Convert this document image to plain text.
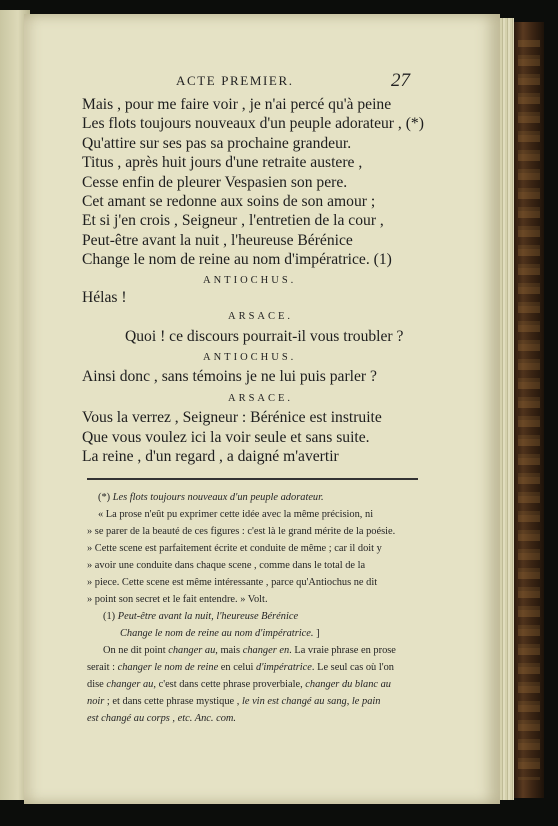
ACTE PREMIER.	27
Mais , pour me faire voir , je n'ai percé qu'à peine
Les flots toujours nouveaux d'un peuple adorateur , (*)
Qu'attire sur ses pas sa prochaine grandeur.
Titus , après huit jours d'une retraite austere ,
Cesse enfin de pleurer Vespasien son pere.
Cet amant se redonne aux soins de son amour ;
Et si j'en crois , Seigneur , l'entretien de la cour ,
Peut-être avant la nuit , l'heureuse Bérénice
Change le nom de reine au nom d'impératrice. (1)
ANTIOCHUS.
Hélas !
ARSACE.
Quoi ! ce discours pourrait-il vous troubler ?
ANTIOCHUS.
Ainsi donc , sans témoins je ne lui puis parler ?
ARSACE.
Vous la verrez , Seigneur : Bérénice est instruite
Que vous voulez ici la voir seule et sans suite.
La reine , d'un regard , a daigné m'avertir
(*) Les flots toujours nouveaux d'un peuple adorateur.
« La prose n'eût pu exprimer cette idée avec la même précision, ni
» se parer de la beauté de ces figures : c'est là le grand mérite de la poésie.
» Cette scene est parfaitement écrite et conduite de même ; car il doit y
» avoir une conduite dans chaque scene , comme dans le total de la
» piece. Cette scene est même intéressante , parce qu'Antiochus ne dit
» point son secret et le fait entendre. » Volt.
(1) Peut-être avant la nuit, l'heureuse Bérénice
Change le nom de reine au nom d'impératrice. ]
On ne dit point changer au, mais changer en. La vraie phrase en prose
serait : changer le nom de reine en celui d'impératrice. Le seul cas où l'on
dise changer au, c'est dans cette phrase proverbiale, changer du blanc au
noir ; et dans cette phrase mystique , le vin est changé au sang, le pain
est changé au corps , etc. Anc. com.
